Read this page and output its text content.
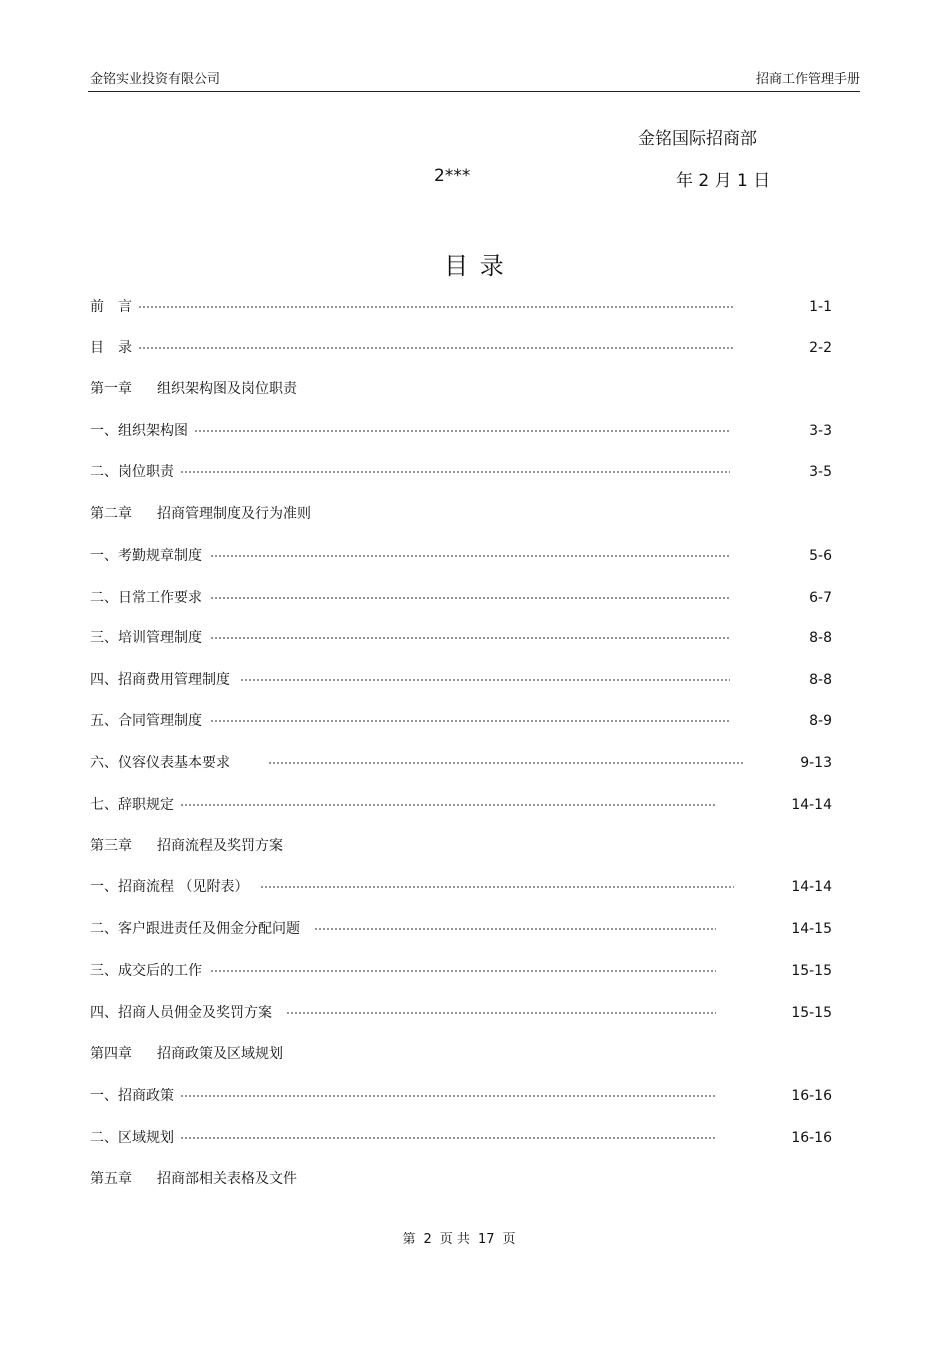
金铭实业投资有限公司	招商工作管理手册
金铭国际招商部
2***	年 2 月 1 日
目 录
前　言	1-1
目　录	2-2
第一章 组织架构图及岗位职责
一、组织架构图	3-3
二、岗位职责	3-5
第二章 招商管理制度及行为准则
一、考勤规章制度	5-6
二、日常工作要求	6-7
三、培训管理制度	8-8
四、招商费用管理制度	8-8
五、合同管理制度	8-9
六、仪容仪表基本要求	9-13
七、辞职规定	14-14
第三章 招商流程及奖罚方案
一、招商流程 （见附表）	14-14
二、客户跟进责任及佣金分配问题	14-15
三、成交后的工作	15-15
四、招商人员佣金及奖罚方案	15-15
第四章 招商政策及区域规划
一、招商政策	16-16
二、区域规划	16-16
第五章 招商部相关表格及文件
第 2 页 共 17 页
